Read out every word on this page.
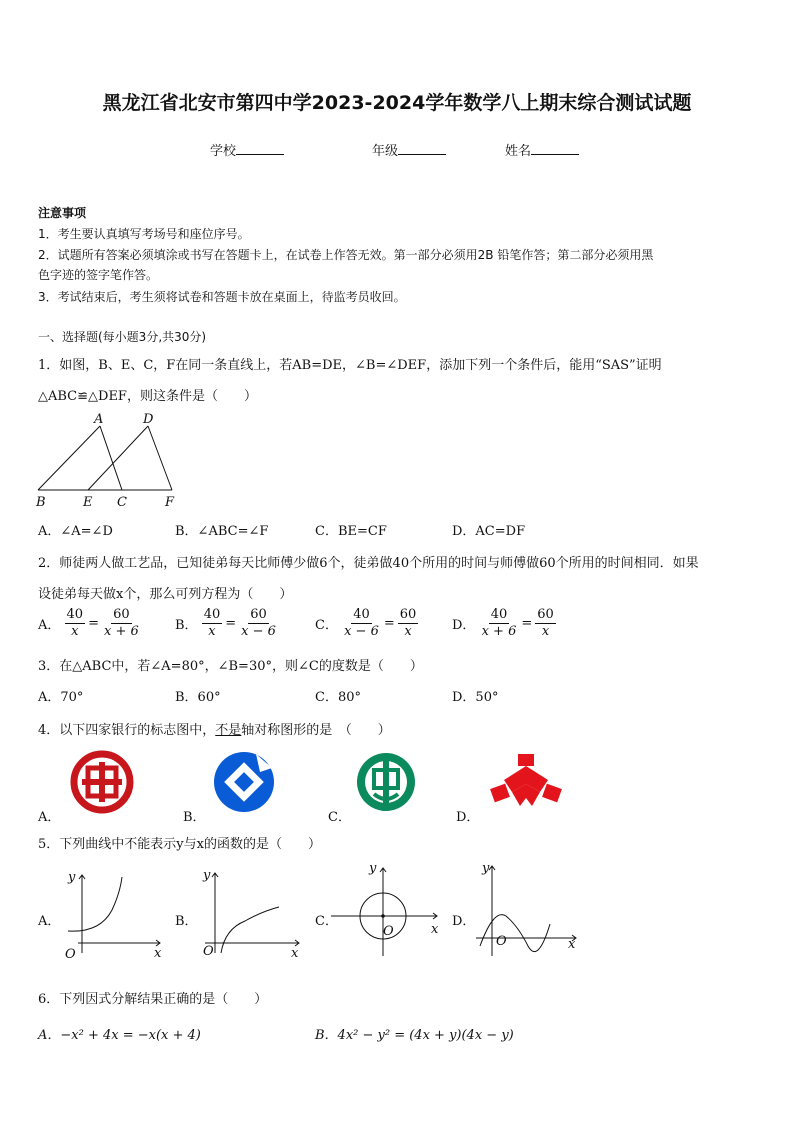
黑龙江省北安市第四中学2023-2024学年数学八上期末综合测试试题
学校	年级	姓名
注意事项
1．考生要认真填写考场号和座位序号。
2．试题所有答案必须填涂或书写在答题卡上，在试卷上作答无效。第一部分必须用2B 铅笔作答；第二部分必须用黑
色字迹的签字笔作答。
3．考试结束后，考生须将试卷和答题卡放在桌面上，待监考员收回。
一、选择题(每小题3分,共30分)
1．如图，B、E、C，F在同一条直线上，若AB=DE，∠B=∠DEF，添加下列一个条件后，能用“SAS”证明
△ABC≌△DEF，则这条件是（　　）
A	D
B	E C	F
A．∠A=∠D	B．∠ABC=∠F	C．BE=CF	D．AC=DF
2．师徒两人做工艺品，已知徒弟每天比师傅少做6个，徒弟做40个所用的时间与师傅做60个所用的时间相同．如果
设徒弟每天做x个，那么可列方程为（　　）
A． $\frac{40}{x} = \frac{60}{x + 6}$	B． $\frac{40}{x} = \frac{60}{x - 6}$	C． $\frac{40}{x - 6} = \frac{60}{x}$	D． $\frac{40}{x + 6} = \frac{60}{x}$
3．在△ABC中，若∠A=80°，∠B=30°，则∠C的度数是（　　）
A．70°	B．60°	C．80°	D．50°
4．以下四家银行的标志图中，不是轴对称图形的是　（　　）
A．	B．	C．	D．
5．下列曲线中不能表示y与x的函数的是（　　）
A．
y
x
O
B．
y
x
O
C．
y
x
O
D．
y
x
O
6．下列因式分解结果正确的是（　　）
A．−x² + 4x = −x(x + 4)	B．4x² − y² = (4x + y)(4x − y)
